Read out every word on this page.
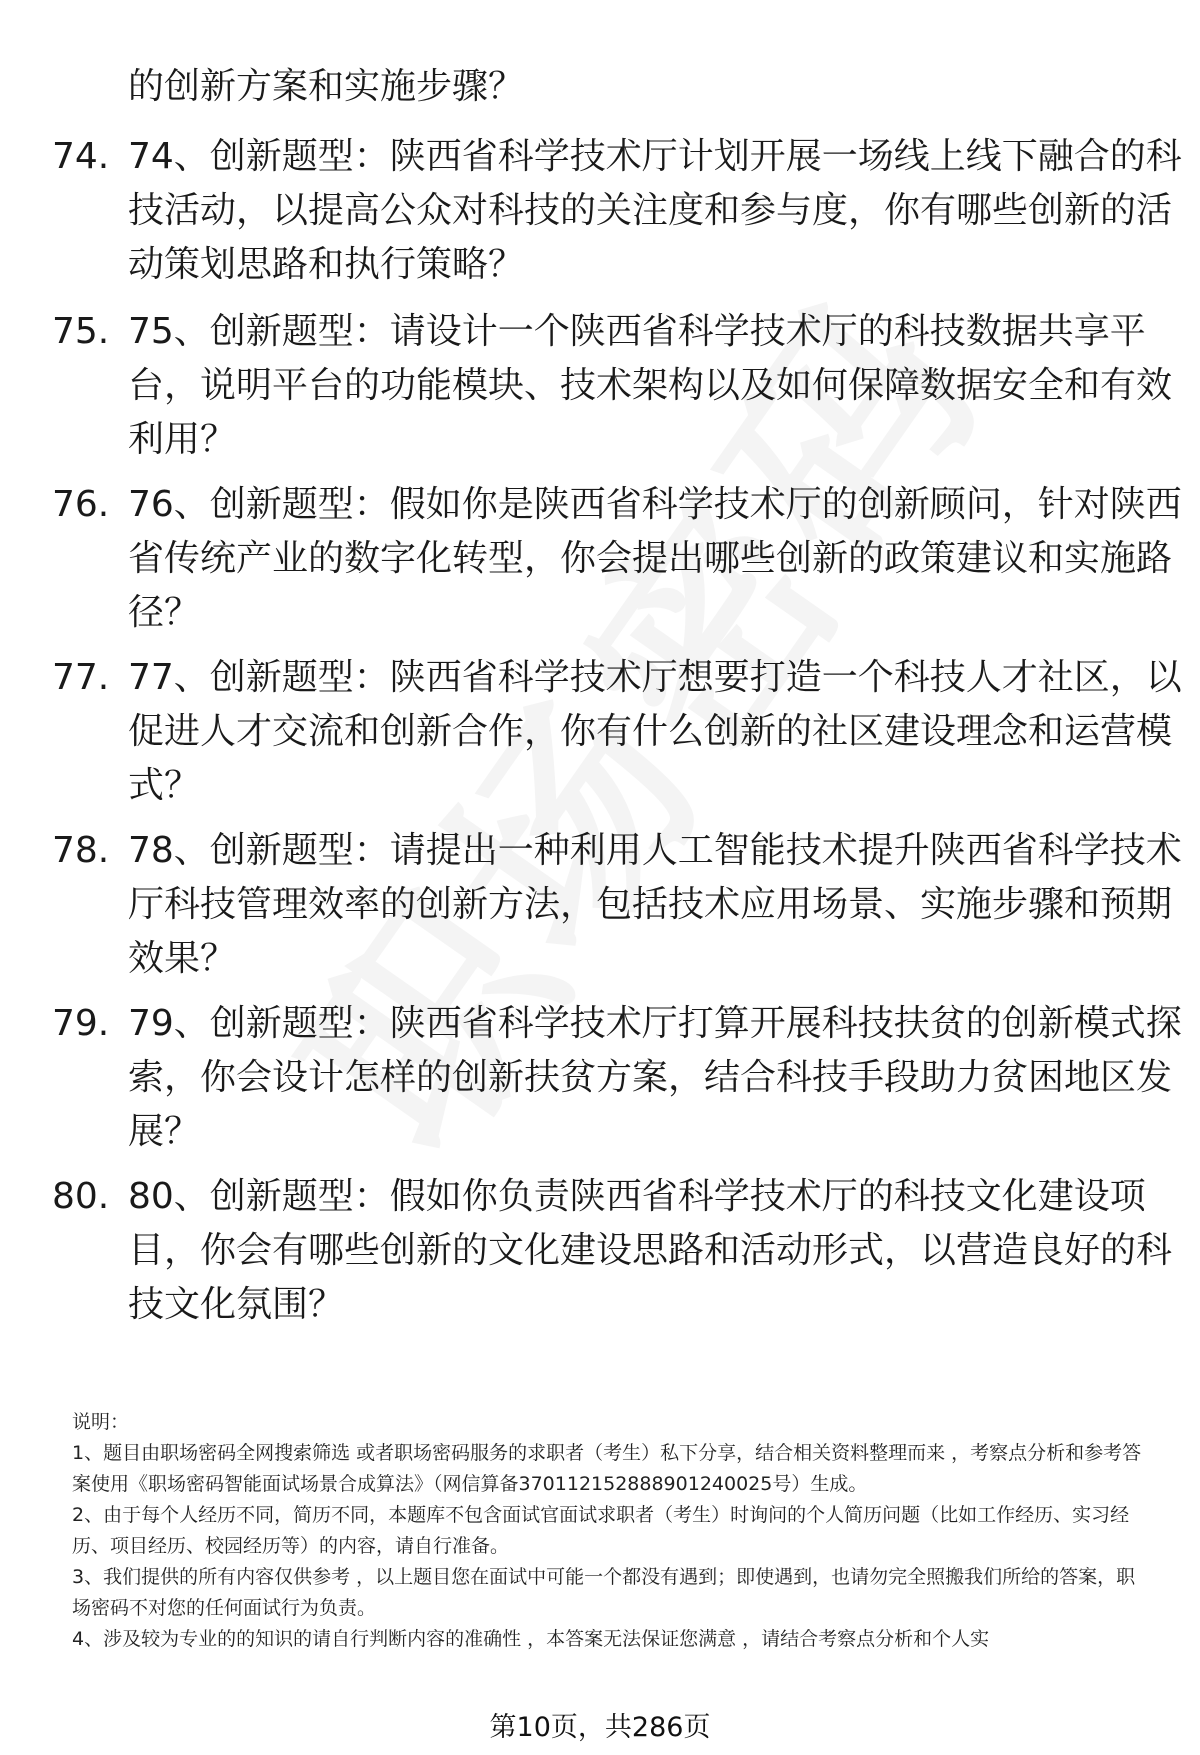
的创新方案和实施步骤？
74. 74、创新题型：陕西省科学技术厅计划开展一场线上线下融合的科技活动，以提高公众对科技的关注度和参与度，你有哪些创新的活动策划思路和执行策略？
75. 75、创新题型：请设计一个陕西省科学技术厅的科技数据共享平台，说明平台的功能模块、技术架构以及如何保障数据安全和有效利用？
76. 76、创新题型：假如你是陕西省科学技术厅的创新顾问，针对陕西省传统产业的数字化转型，你会提出哪些创新的政策建议和实施路径？
77. 77、创新题型：陕西省科学技术厅想要打造一个科技人才社区，以促进人才交流和创新合作，你有什么创新的社区建设理念和运营模式？
78. 78、创新题型：请提出一种利用人工智能技术提升陕西省科学技术厅科技管理效率的创新方法，包括技术应用场景、实施步骤和预期效果？
79. 79、创新题型：陕西省科学技术厅打算开展科技扶贫的创新模式探索，你会设计怎样的创新扶贫方案，结合科技手段助力贫困地区发展？
80. 80、创新题型：假如你负责陕西省科学技术厅的科技文化建设项目，你会有哪些创新的文化建设思路和活动形式，以营造良好的科技文化氛围？

说明：

1、题目由职场密码全网搜索筛选 或者职场密码服务的求职者（考生）私下分享，结合相关资料整理而来 ，考察点分析和参考答案使用《职场密码智能面试场景合成算法》（网信算备370112152888901240025号）生成。

2、由于每个人经历不同，简历不同，本题库不包含面试官面试求职者（考生）时询问的个人简历问题（比如工作经历、实习经历、项目经历、校园经历等）的内容，请自行准备。

3、我们提供的所有内容仅供参考 ，以上题目您在面试中可能一个都没有遇到；即使遇到，也请勿完全照搬我们所给的答案，职场密码不对您的任何面试行为负责。

4、涉及较为专业的的知识的请自行判断内容的准确性 ，本答案无法保证您满意 ，请结合考察点分析和个人实

第10页，共286页
